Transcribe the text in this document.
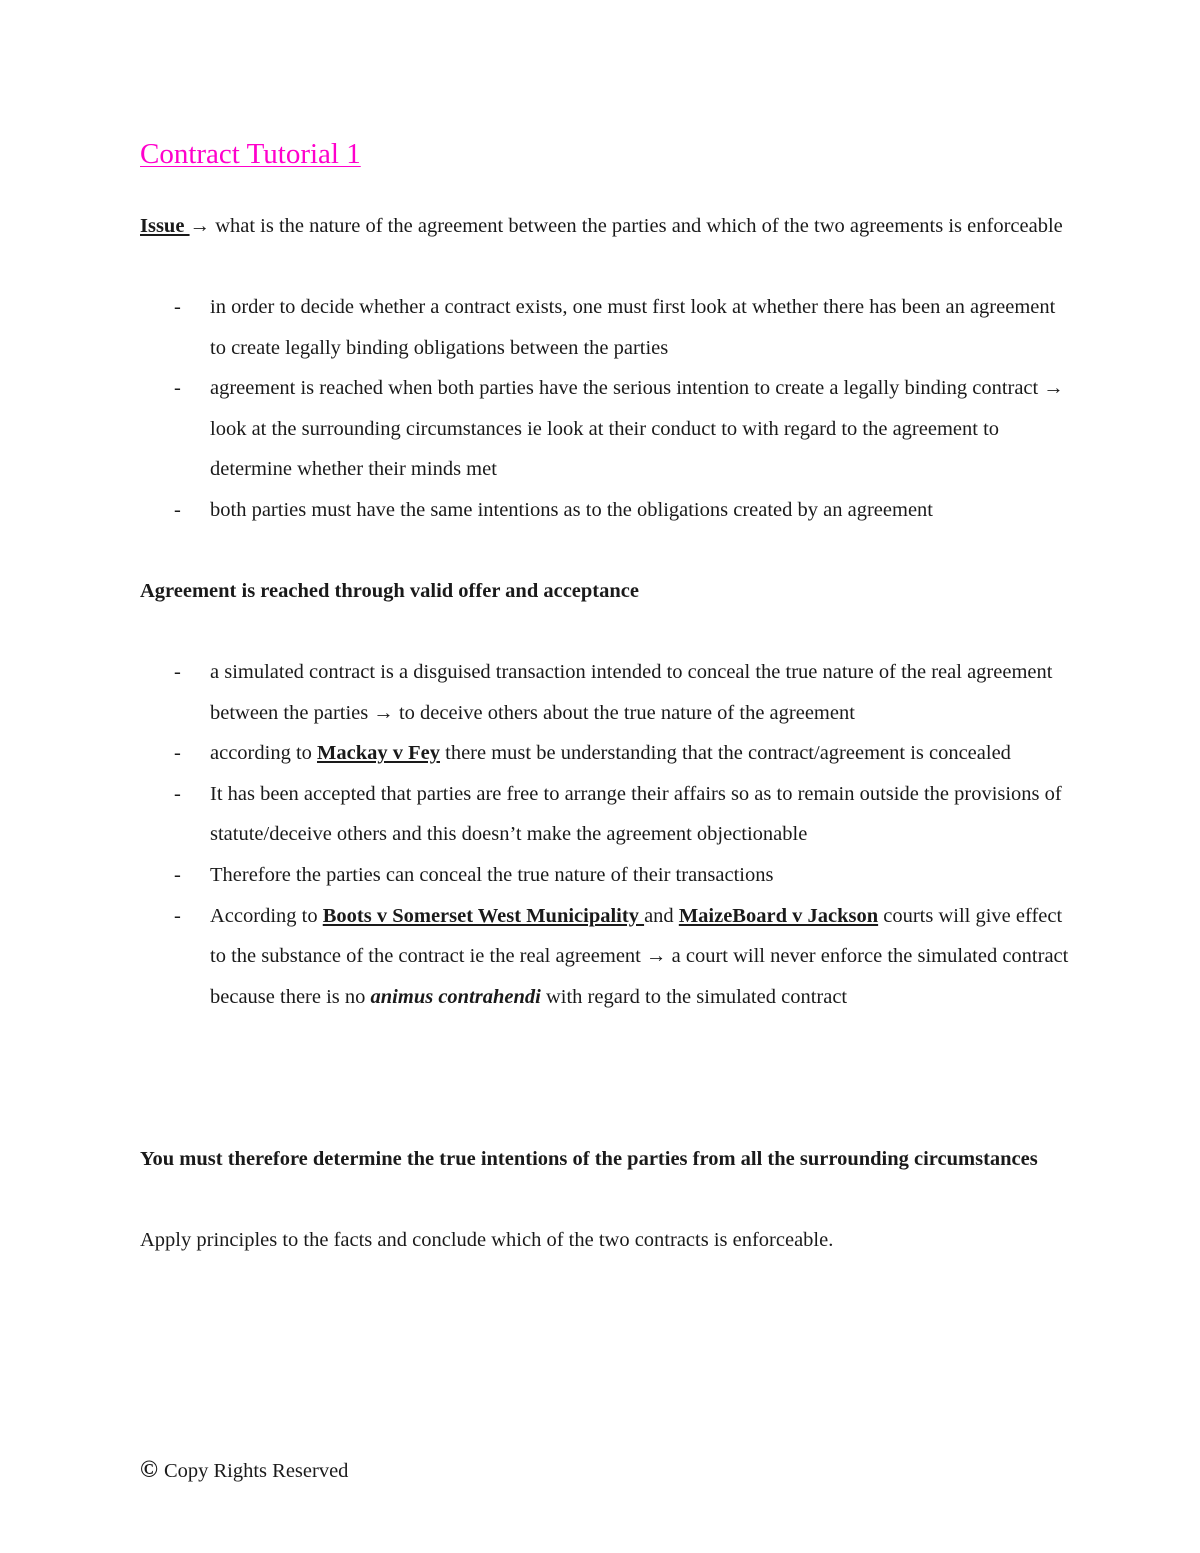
Contract Tutorial 1

Issue → what is the nature of the agreement between the parties and which of the two agreements is enforceable

- in order to decide whether a contract exists, one must first look at whether there has been an agreement to create legally binding obligations between the parties
- agreement is reached when both parties have the serious intention to create a legally binding contract → look at the surrounding circumstances ie look at their conduct to with regard to the agreement to determine whether their minds met
- both parties must have the same intentions as to the obligations created by an agreement
Agreement is reached through valid offer and acceptance
- a simulated contract is a disguised transaction intended to conceal the true nature of the real agreement between the parties → to deceive others about the true nature of the agreement
- according to Mackay v Fey there must be understanding that the contract/agreement is concealed
- It has been accepted that parties are free to arrange their affairs so as to remain outside the provisions of statute/deceive others and this doesn’t make the agreement objectionable
- Therefore the parties can conceal the true nature of their transactions
- According to Boots v Somerset West Municipality and MaizeBoard v Jackson courts will give effect to the substance of the contract ie the real agreement → a court will never enforce the simulated contract because there is no animus contrahendi with regard to the simulated contract

You must therefore determine the true intentions of the parties from all the surrounding circumstances

Apply principles to the facts and conclude which of the two contracts is enforceable.

© Copy Rights Reserved
